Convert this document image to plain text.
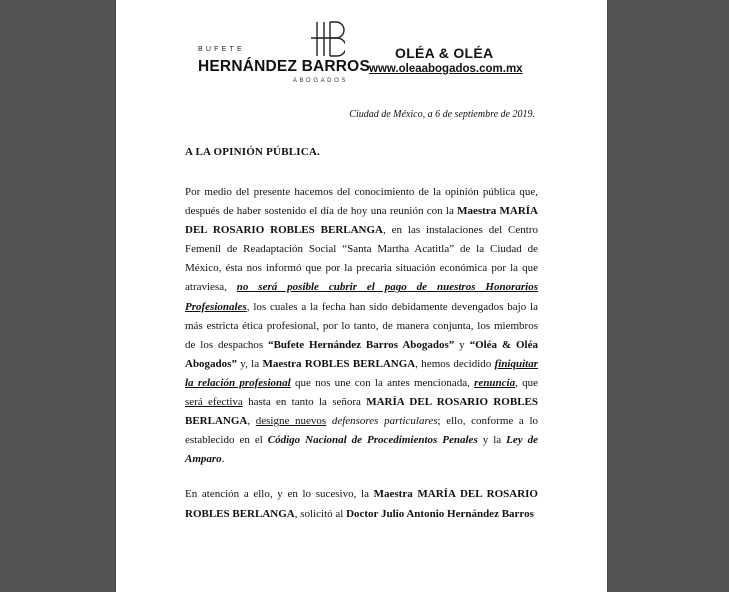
BUFETE
HERNÁNDEZ BARROS
ABOGADOS
OLÉA & OLÉA
www.oleaabogados.com.mx
Ciudad de México, a 6 de septiembre de 2019.
A LA OPINIÓN PÚBLICA.

Por medio del presente hacemos del conocimiento de la opinión pública que, después de haber sostenido el día de hoy una reunión con la Maestra MARÍA DEL ROSARIO ROBLES BERLANGA, en las instalaciones del Centro Femenil de Readaptación Social “Santa Martha Acatitla” de la Ciudad de México, ésta nos informó que por la precaria situación económica por la que atraviesa, no será posible cubrir el pago de nuestros Honorarios Profesionales, los cuales a la fecha han sido debidamente devengados bajo la más estricta ética profesional, por lo tanto, de manera conjunta, los miembros de los despachos “Bufete Hernández Barros Abogados” y “Oléa & Oléa Abogados” y, la Maestra ROBLES BERLANGA, hemos decidido finiquitar la relación profesional que nos une con la antes mencionada, renuncia, que será efectiva hasta en tanto la señora MARÍA DEL ROSARIO ROBLES BERLANGA, designe nuevos defensores particulares; ello, conforme a lo establecido en el Código Nacional de Procedimientos Penales y la Ley de Amparo.

En atención a ello, y en lo sucesivo, la Maestra MARÍA DEL ROSARIO ROBLES BERLANGA, solicitó al Doctor Julio Antonio Hernández Barros
